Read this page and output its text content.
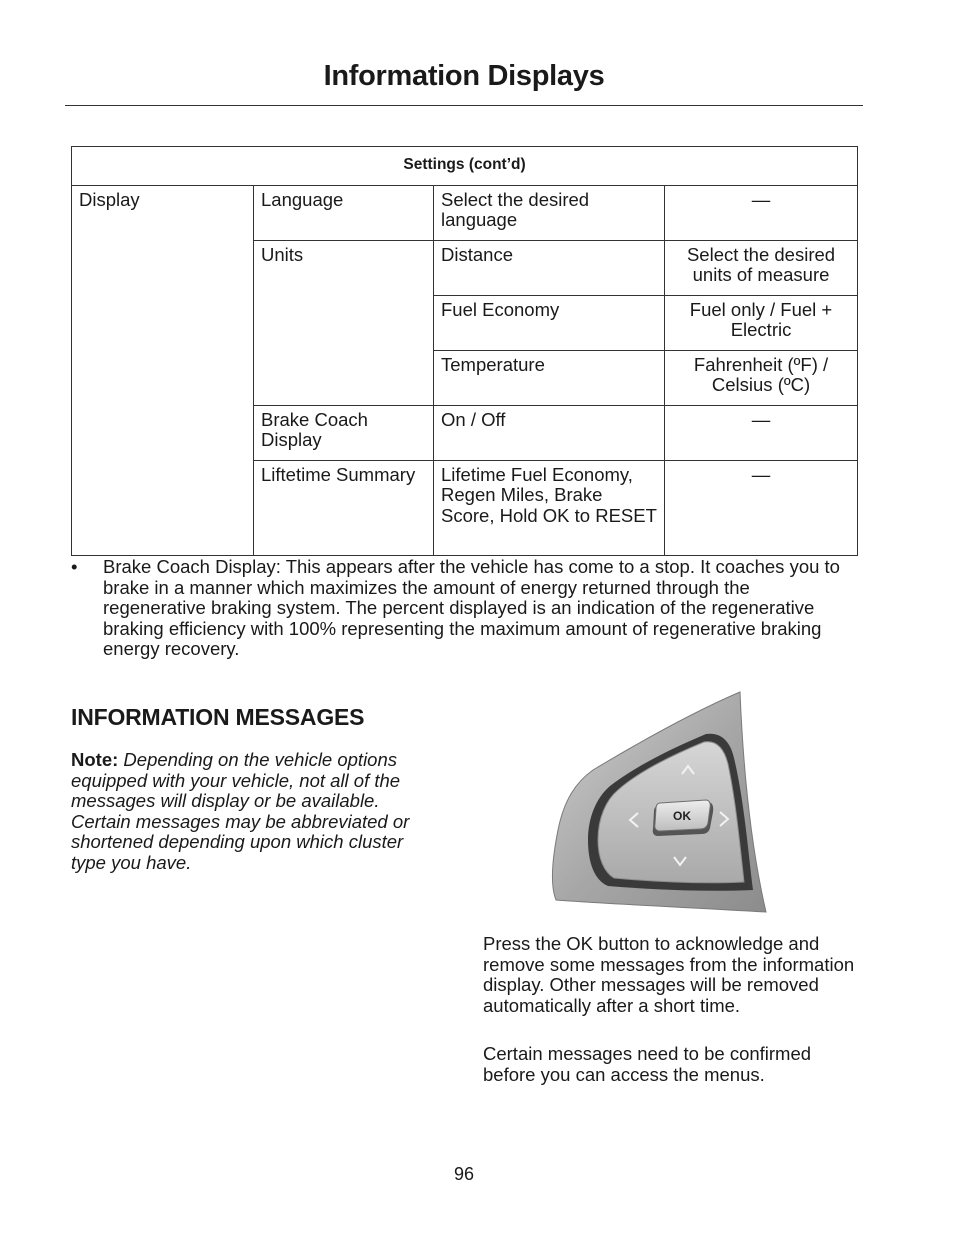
Information Displays
Settings (cont’d)			
Display	Language	Select the desired language	—
	Units	Distance	Select the desired units of measure
		Fuel Economy	Fuel only / Fuel + Electric
		Temperature	Fahrenheit (ºF) / Celsius (ºC)
	Brake Coach Display	On / Off	—
	Liftetime Summary	Lifetime Fuel Economy, Regen Miles, Brake Score, Hold OK to RESET	—
•	Brake Coach Display: This appears after the vehicle has come to a stop. It coaches you to brake in a manner which maximizes the amount of energy returned through the regenerative braking system. The percent displayed is an indication of the regenerative braking efficiency with 100% representing the maximum amount of regenerative braking energy recovery.
INFORMATION MESSAGES
Note: Depending on the vehicle options equipped with your vehicle, not all of the messages will display or be available. Certain messages may be abbreviated or shortened depending upon which cluster type you have.
OK
Press the OK button to acknowledge and remove some messages from the information display. Other messages will be removed automatically after a short time.
Certain messages need to be confirmed before you can access the menus.
96
